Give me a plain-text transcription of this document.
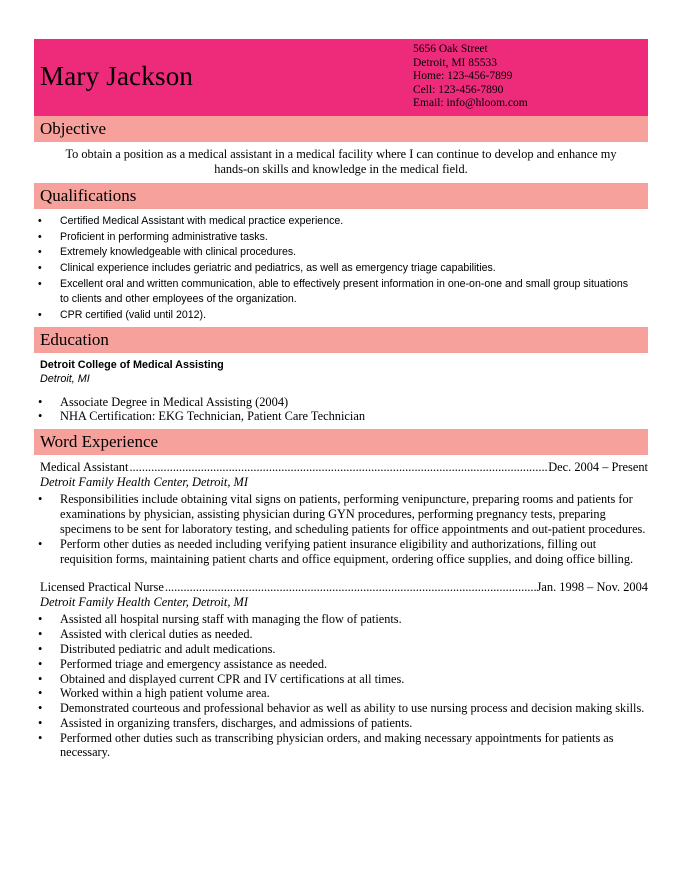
Mary Jackson
5656 Oak Street
Detroit, MI 85533
Home: 123-456-7899
Cell: 123-456-7890
Email: info@hloom.com
Objective
To obtain a position as a medical assistant in a medical facility where I can continue to develop and enhance my hands-on skills and knowledge in the medical field.
Qualifications
• Certified Medical Assistant with medical practice experience.
• Proficient in performing administrative tasks.
• Extremely knowledgeable with clinical procedures.
• Clinical experience includes geriatric and pediatrics, as well as emergency triage capabilities.
• Excellent oral and written communication, able to effectively present information in one-on-one and small group situations to clients and other employees of the organization.
• CPR certified (valid until 2012).
Education
Detroit College of Medical Assisting
Detroit, MI
• Associate Degree in Medical Assisting (2004)
• NHA Certification: EKG Technician, Patient Care Technician
Word Experience
Medical Assistant .....	Dec. 2004 – Present
Detroit Family Health Center, Detroit, MI
• Responsibilities include obtaining vital signs on patients, performing venipuncture, preparing rooms and patients for examinations by physician, assisting physician during GYN procedures, performing pregnancy tests, preparing specimens to be sent for laboratory testing, and scheduling patients for office appointments and out-patient procedures.
• Perform other duties as needed including verifying patient insurance eligibility and authorizations, filling out requisition forms, maintaining patient charts and office equipment, ordering office supplies, and doing office billing.
Licensed Practical Nurse .....	Jan. 1998 – Nov. 2004
Detroit Family Health Center, Detroit, MI
• Assisted all hospital nursing staff with managing the flow of patients.
• Assisted with clerical duties as needed.
• Distributed pediatric and adult medications.
• Performed triage and emergency assistance as needed.
• Obtained and displayed current CPR and IV certifications at all times.
• Worked within a high patient volume area.
• Demonstrated courteous and professional behavior as well as ability to use nursing process and decision making skills.
• Assisted in organizing transfers, discharges, and admissions of patients.
• Performed other duties such as transcribing physician orders, and making necessary appointments for patients as necessary.
